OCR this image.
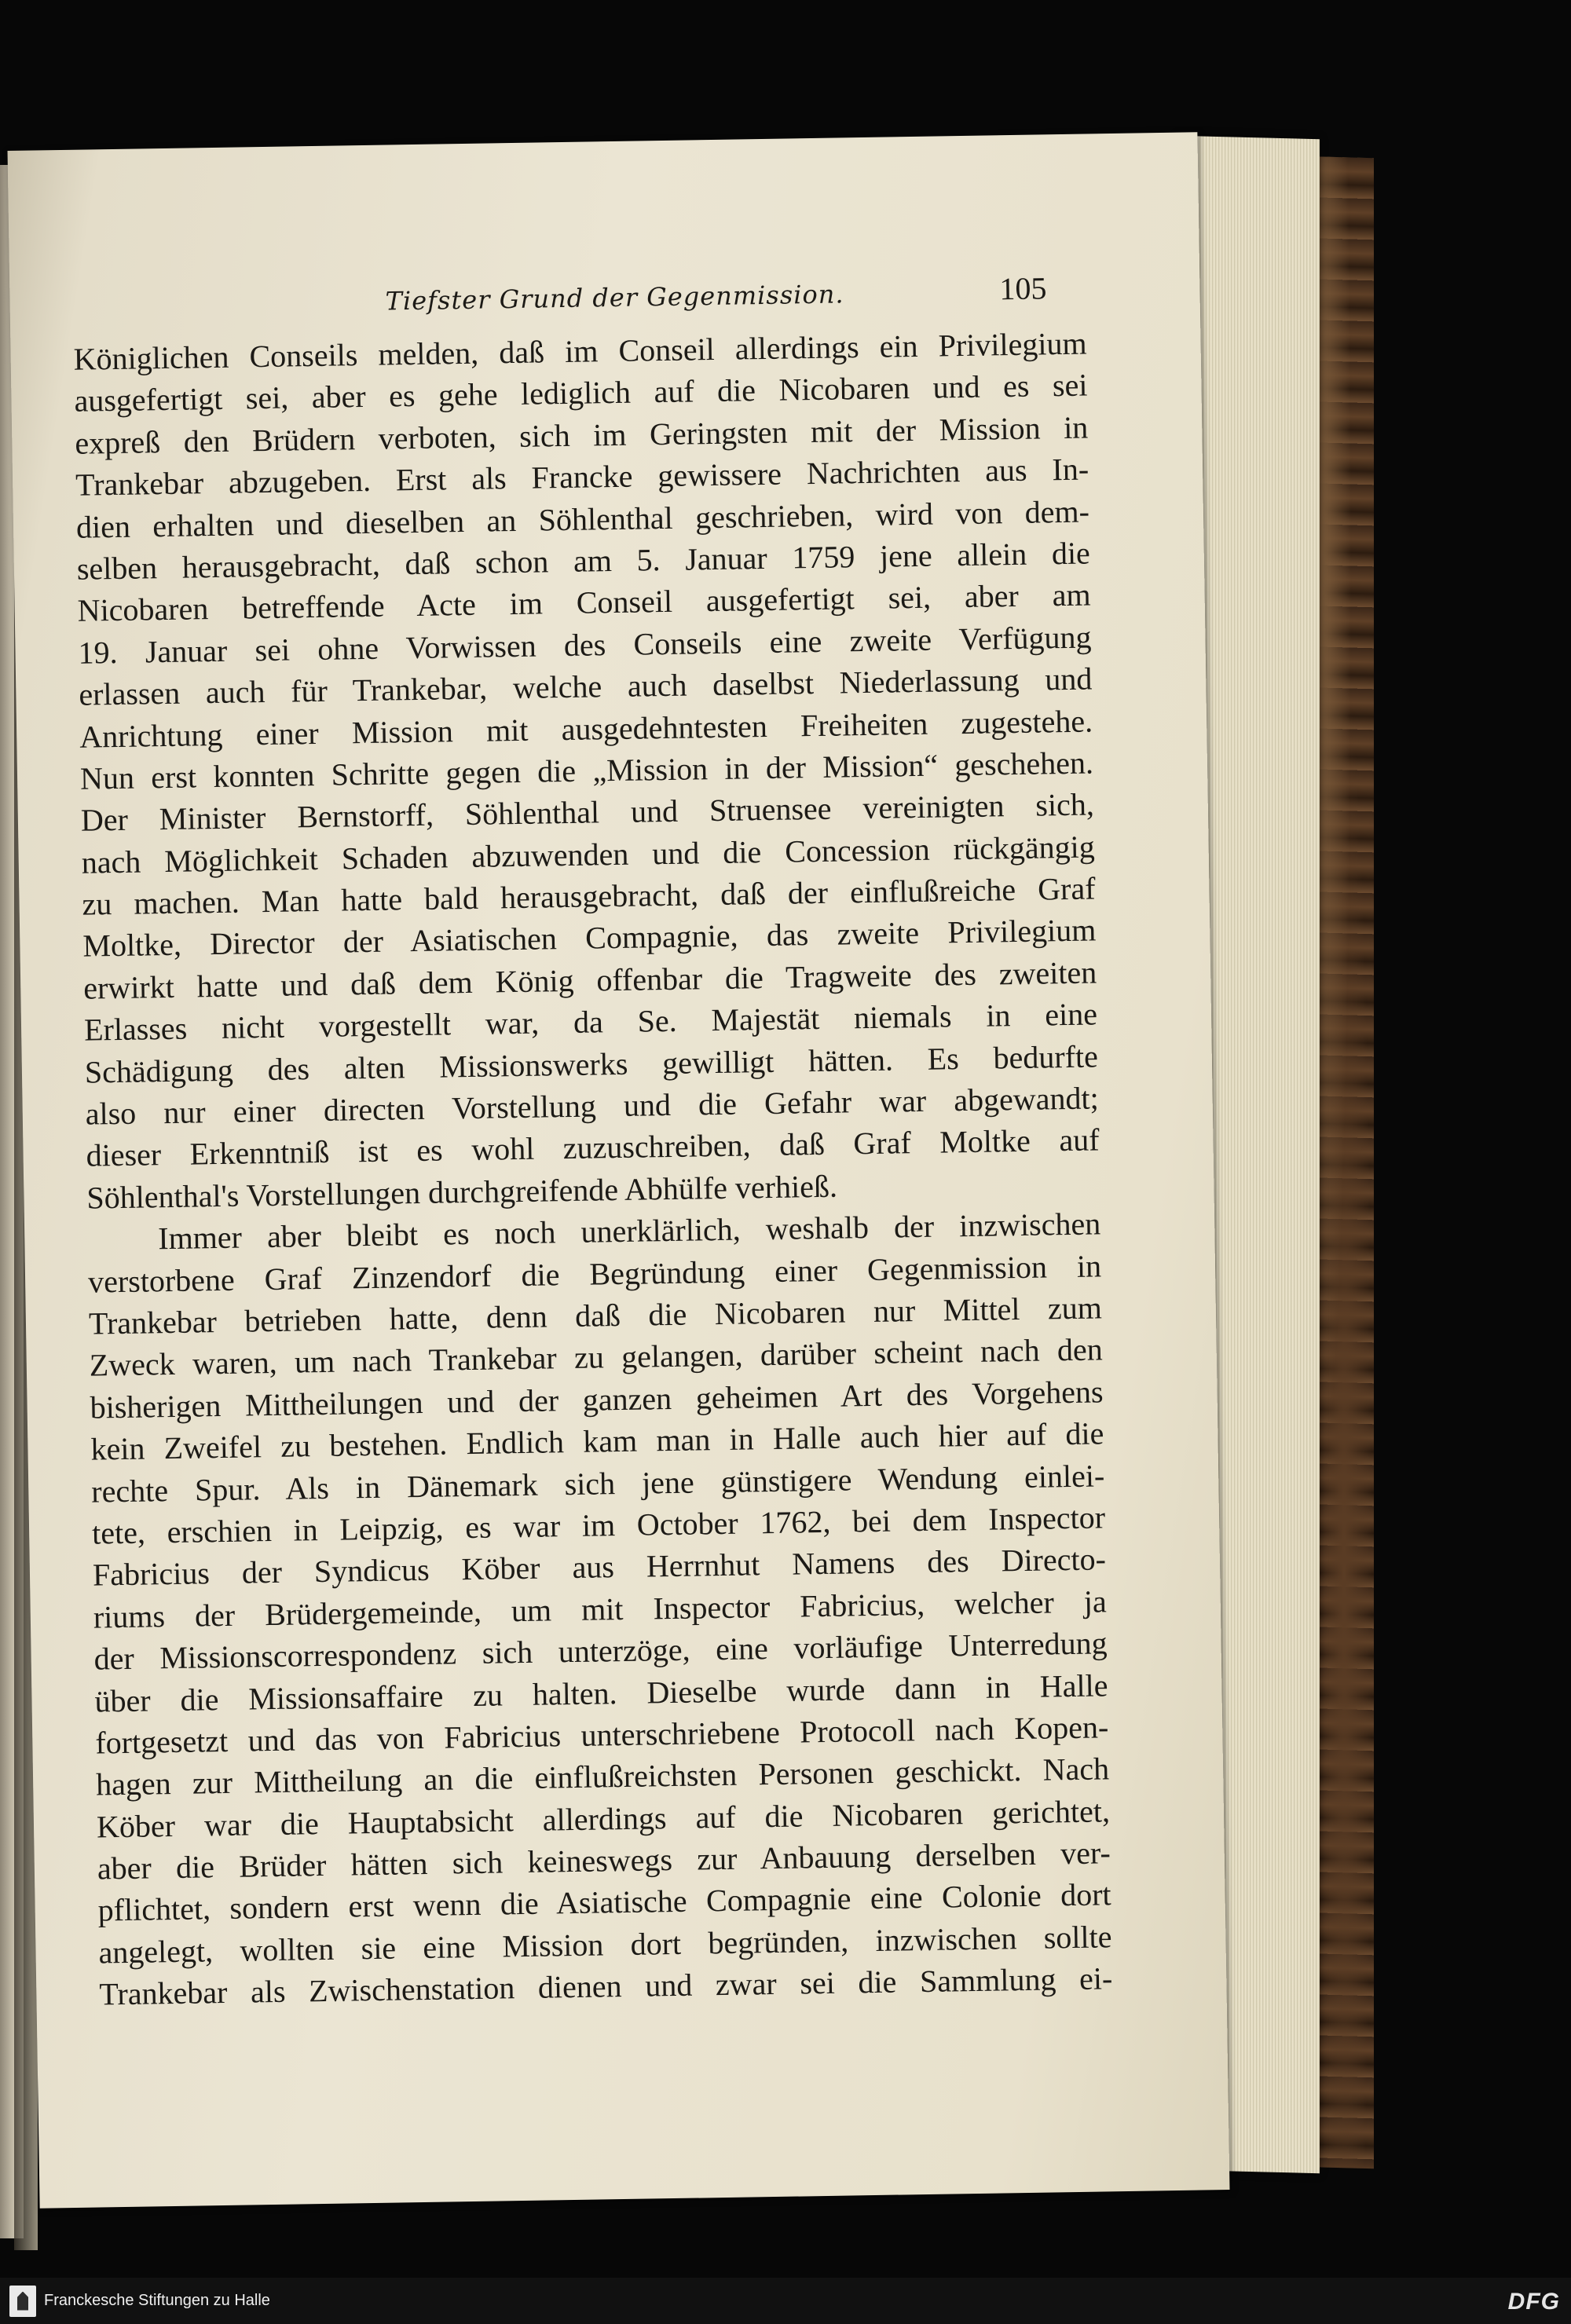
Tiefster Grund der Gegenmission.	105
Königlichen Conseils melden, daß im Conseil allerdings ein Privilegium
ausgefertigt sei, aber es gehe lediglich auf die Nicobaren und es sei
expreß den Brüdern verboten, sich im Geringsten mit der Mission in
Trankebar abzugeben. Erst als Francke gewissere Nachrichten aus In-
dien erhalten und dieselben an Söhlenthal geschrieben, wird von dem-
selben herausgebracht, daß schon am 5. Januar 1759 jene allein die
Nicobaren betreffende Acte im Conseil ausgefertigt sei, aber am
19. Januar sei ohne Vorwissen des Conseils eine zweite Verfügung
erlassen auch für Trankebar, welche auch daselbst Niederlassung und
Anrichtung einer Mission mit ausgedehntesten Freiheiten zugestehe.
Nun erst konnten Schritte gegen die „Mission in der Mission“ geschehen.
Der Minister Bernstorff, Söhlenthal und Struensee vereinigten sich,
nach Möglichkeit Schaden abzuwenden und die Concession rückgängig
zu machen. Man hatte bald herausgebracht, daß der einflußreiche Graf
Moltke, Director der Asiatischen Compagnie, das zweite Privilegium
erwirkt hatte und daß dem König offenbar die Tragweite des zweiten
Erlasses nicht vorgestellt war, da Se. Majestät niemals in eine
Schädigung des alten Missionswerks gewilligt hätten. Es bedurfte
also nur einer directen Vorstellung und die Gefahr war abgewandt;
dieser Erkenntniß ist es wohl zuzuschreiben, daß Graf Moltke auf
Söhlenthal's Vorstellungen durchgreifende Abhülfe verhieß.
Immer aber bleibt es noch unerklärlich, weshalb der inzwischen
verstorbene Graf Zinzendorf die Begründung einer Gegenmission in
Trankebar betrieben hatte, denn daß die Nicobaren nur Mittel zum
Zweck waren, um nach Trankebar zu gelangen, darüber scheint nach den
bisherigen Mittheilungen und der ganzen geheimen Art des Vorgehens
kein Zweifel zu bestehen. Endlich kam man in Halle auch hier auf die
rechte Spur. Als in Dänemark sich jene günstigere Wendung einlei-
tete, erschien in Leipzig, es war im October 1762, bei dem Inspector
Fabricius der Syndicus Köber aus Herrnhut Namens des Directo-
riums der Brüdergemeinde, um mit Inspector Fabricius, welcher ja
der Missionscorrespondenz sich unterzöge, eine vorläufige Unterredung
über die Missionsaffaire zu halten. Dieselbe wurde dann in Halle
fortgesetzt und das von Fabricius unterschriebene Protocoll nach Kopen-
hagen zur Mittheilung an die einflußreichsten Personen geschickt. Nach
Köber war die Hauptabsicht allerdings auf die Nicobaren gerichtet,
aber die Brüder hätten sich keineswegs zur Anbauung derselben ver-
pflichtet, sondern erst wenn die Asiatische Compagnie eine Colonie dort
angelegt, wollten sie eine Mission dort begründen, inzwischen sollte
Trankebar als Zwischenstation dienen und zwar sei die Sammlung ei-
Franckesche Stiftungen zu Halle	DFG
